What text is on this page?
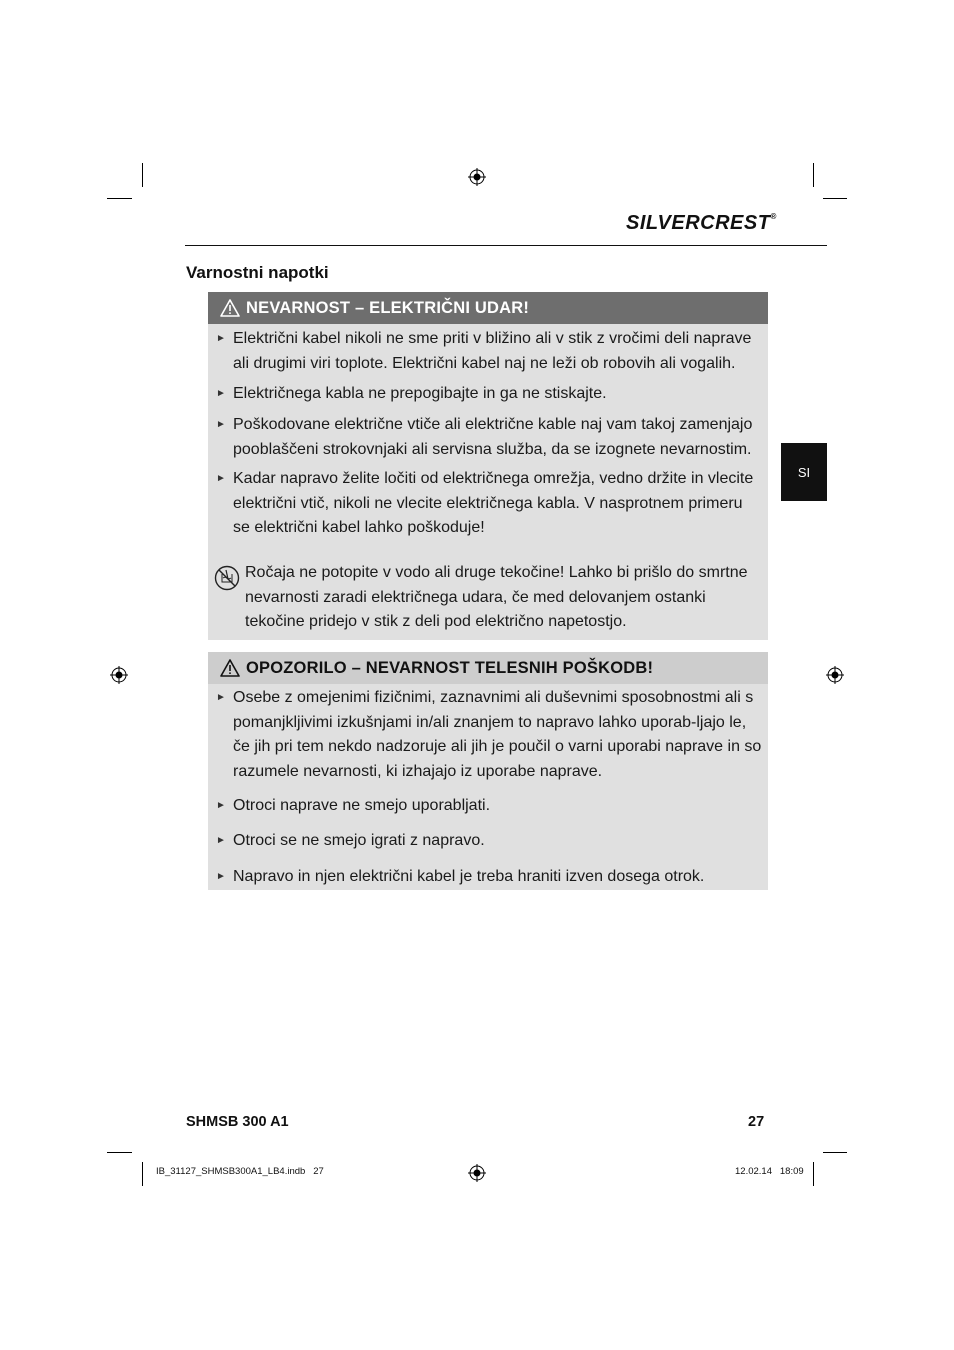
SILVERCREST®
Varnostni napotki
SI
NEVARNOST – ELEKTRIČNI UDAR!
► Električni kabel nikoli ne sme priti v bližino ali v stik z vročimi deli naprave ali drugimi viri toplote. Električni kabel naj ne leži ob robovih ali vogalih.
► Električnega kabla ne prepogibajte in ga ne stiskajte.
► Poškodovane električne vtiče ali električne kable naj vam takoj zamenjajo pooblaščeni strokovnjaki ali servisna služba, da se izognete nevarnostim.
► Kadar napravo želite ločiti od električnega omrežja, vedno držite in vlecite električni vtič, nikoli ne vlecite električnega kabla. V nasprotnem primeru se električni kabel lahko poškoduje!
Ročaja ne potopite v vodo ali druge tekočine! Lahko bi prišlo do smrtne nevarnosti zaradi električnega udara, če med delovanjem ostanki tekočine pridejo v stik z deli pod električno napetostjo.
OPOZORILO – NEVARNOST TELESNIH POŠKODB!
► Osebe z omejenimi fizičnimi, zaznavnimi ali duševnimi sposobnostmi ali s pomanjkljivimi izkušnjami in/ali znanjem to napravo lahko uporab-ljajo le, če jih pri tem nekdo nadzoruje ali jih je poučil o varni uporabi naprave in so razumele nevarnosti, ki izhajajo iz uporabe naprave.
► Otroci naprave ne smejo uporabljati.
► Otroci se ne smejo igrati z napravo.
► Napravo in njen električni kabel je treba hraniti izven dosega otrok.
SHMSB 300 A1	27
IB_31127_SHMSB300A1_LB4.indb   27	12.02.14   18:09
